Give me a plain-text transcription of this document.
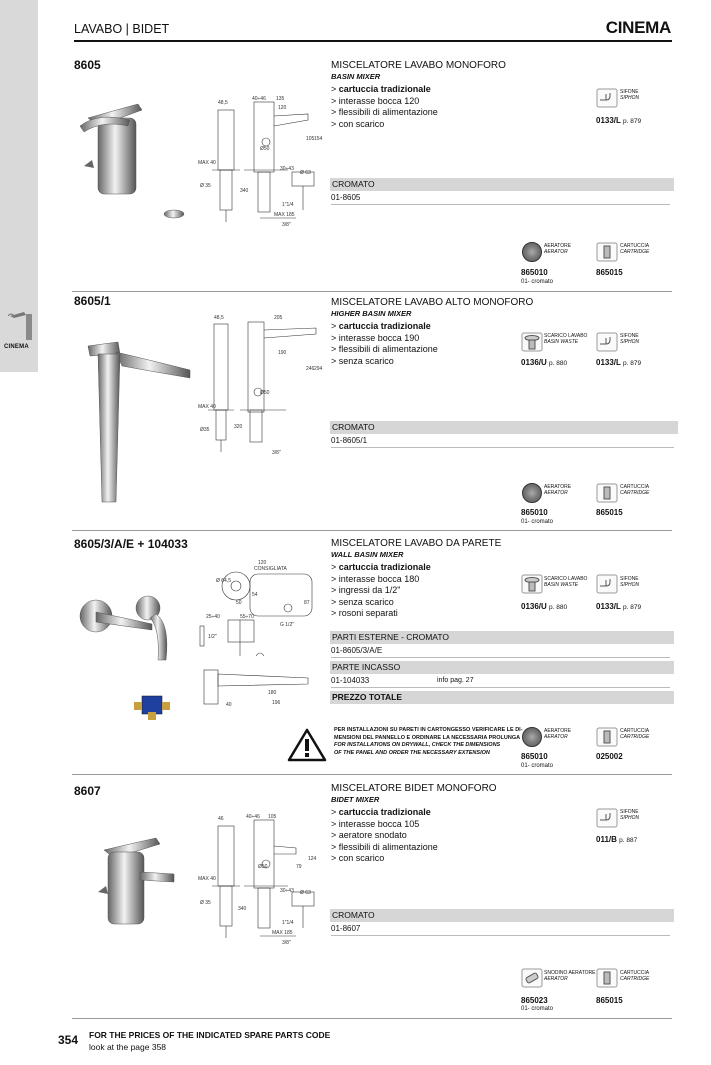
CINEMA
LAVABO | BIDET	CINEMA
8605
48,5
40÷46 135
120
Ø50
105 154
MAX 40
Ø 35
340
30÷43
Ø 63
1"1/4
MAX 185
3/8"
MISCELATORE LAVABO MONOFORO
BASIN MIXER
> cartuccia tradizionale
> interasse bocca 120
> flessibili di alimentazione
> con scarico
CROMATO
01-8605
SIFONE
SIPHON
0133/L p. 879
AERATORE
AERATOR
865010
01- cromato
CARTUCCIA
CARTRIDGE
865015
8605/1
48,5	205
190
246 294
Ø50
MAX 40
Ø35	320
3/8"
MISCELATORE LAVABO ALTO MONOFORO
HIGHER BASIN MIXER
> cartuccia tradizionale
> interasse bocca 190
> flessibili di alimentazione
> senza scarico
SCARICO LAVABO
BASIN WASTE
0136/U p. 880
SIFONE
SIPHON
0133/L p. 879
CROMATO
01-8605/1
AERATORE
AERATOR
865010
01- cromato
CARTUCCIA
CARTRIDGE
865015
8605/3/A/E + 104033
120
CONSIGLIATA
Ø 64,5
54
50	87
25÷40	55÷70
G 1/2"
1/2"
180
196
40
MISCELATORE LAVABO DA PARETE
WALL BASIN MIXER
> cartuccia tradizionale
> interasse bocca 180
> ingressi da 1/2"
> senza scarico
> rosoni separati
SCARICO LAVABO
BASIN WASTE
0136/U p. 880
SIFONE
SIPHON
0133/L p. 879
PARTI ESTERNE - CROMATO
01-8605/3/A/E
PARTE INCASSO
01-104033	info pag. 27
PREZZO TOTALE
PER INSTALLAZIONI SU PARETI IN CARTONGESSO VERIFICARE LE DI-
MENSIONI DEL PANNELLO E ORDINARE LA NECESSARIA PROLUNGA
FOR INSTALLATIONS ON DRYWALL, CHECK THE DIMENSIONS
OF THE PANEL AND ORDER THE NECESSARY EXTENSION
AERATORE
AERATOR
865010
01- cromato
CARTUCCIA
CARTRIDGE
025002
8607
46	40÷46 105
Ø50	79
124
MAX 40
Ø 35
340
30÷43 Ø 63
1"1/4
MAX 185
3/8"
MISCELATORE BIDET MONOFORO
BIDET MIXER
> cartuccia tradizionale
> interasse bocca 105
> aeratore snodato
> flessibili di alimentazione
> con scarico
SIFONE
SIPHON
011/B p. 887
CROMATO
01-8607
SNODINO AERATORE
AERATOR
865023
01- cromato
CARTUCCIA
CARTRIDGE
865015
354 FOR THE PRICES OF THE INDICATED SPARE PARTS CODE
look at the page 358
